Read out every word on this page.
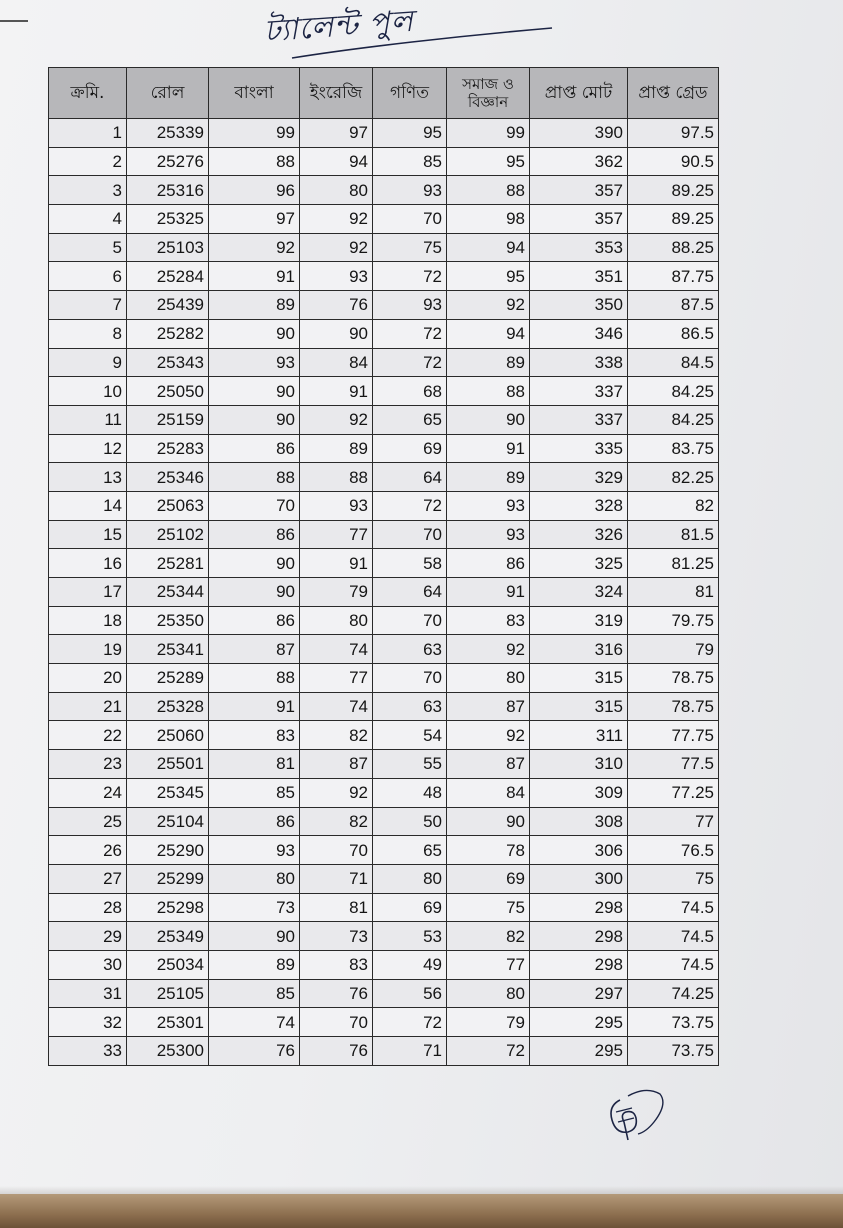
ট্যালেন্ট পুল
ক্রমি.	রোল	বাংলা	ইংরেজি	গণিত	সমাজ ও বিজ্ঞান	প্রাপ্ত মোট	প্রাপ্ত গ্রেড
1	25339	99	97	95	99	390	97.5
2	25276	88	94	85	95	362	90.5
3	25316	96	80	93	88	357	89.25
4	25325	97	92	70	98	357	89.25
5	25103	92	92	75	94	353	88.25
6	25284	91	93	72	95	351	87.75
7	25439	89	76	93	92	350	87.5
8	25282	90	90	72	94	346	86.5
9	25343	93	84	72	89	338	84.5
10	25050	90	91	68	88	337	84.25
11	25159	90	92	65	90	337	84.25
12	25283	86	89	69	91	335	83.75
13	25346	88	88	64	89	329	82.25
14	25063	70	93	72	93	328	82
15	25102	86	77	70	93	326	81.5
16	25281	90	91	58	86	325	81.25
17	25344	90	79	64	91	324	81
18	25350	86	80	70	83	319	79.75
19	25341	87	74	63	92	316	79
20	25289	88	77	70	80	315	78.75
21	25328	91	74	63	87	315	78.75
22	25060	83	82	54	92	311	77.75
23	25501	81	87	55	87	310	77.5
24	25345	85	92	48	84	309	77.25
25	25104	86	82	50	90	308	77
26	25290	93	70	65	78	306	76.5
27	25299	80	71	80	69	300	75
28	25298	73	81	69	75	298	74.5
29	25349	90	73	53	82	298	74.5
30	25034	89	83	49	77	298	74.5
31	25105	85	76	56	80	297	74.25
32	25301	74	70	72	79	295	73.75
33	25300	76	76	71	72	295	73.75
